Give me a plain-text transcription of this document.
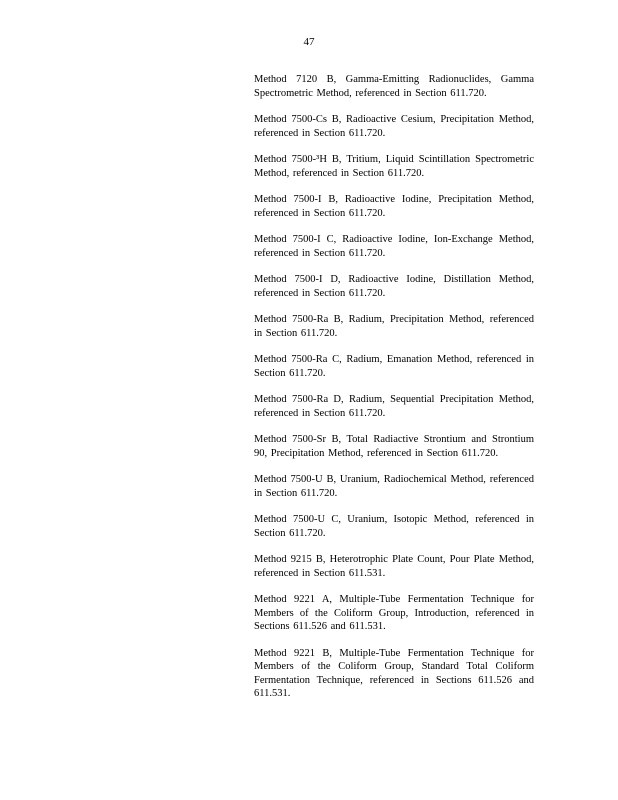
47
Method 7120 B, Gamma-Emitting Radionuclides, Gamma Spectrometric Method, referenced in Section 611.720.
Method 7500-Cs B, Radioactive Cesium, Precipitation Method, referenced in Section 611.720.
Method 7500-³H B, Tritium, Liquid Scintillation Spectrometric Method, referenced in Section 611.720.
Method 7500-I B, Radioactive Iodine, Precipitation Method, referenced in Section 611.720.
Method 7500-I C, Radioactive Iodine, Ion-Exchange Method, referenced in Section 611.720.
Method 7500-I D, Radioactive Iodine, Distillation Method, referenced in Section 611.720.
Method 7500-Ra B, Radium, Precipitation Method, referenced in Section 611.720.
Method 7500-Ra C, Radium, Emanation Method, referenced in Section 611.720.
Method 7500-Ra D, Radium, Sequential Precipitation Method, referenced in Section 611.720.
Method 7500-Sr B, Total Radiactive Strontium and Strontium 90, Precipitation Method, referenced in Section 611.720.
Method 7500-U B, Uranium, Radiochemical Method, referenced in Section 611.720.
Method 7500-U C, Uranium, Isotopic Method, referenced in Section 611.720.
Method 9215 B, Heterotrophic Plate Count, Pour Plate Method, referenced in Section 611.531.
Method 9221 A, Multiple-Tube Fermentation Technique for Members of the Coliform Group, Introduction, referenced in Sections 611.526 and 611.531.
Method 9221 B, Multiple-Tube Fermentation Technique for Members of the Coliform Group, Standard Total Coliform Fermentation Technique, referenced in Sections 611.526 and 611.531.
